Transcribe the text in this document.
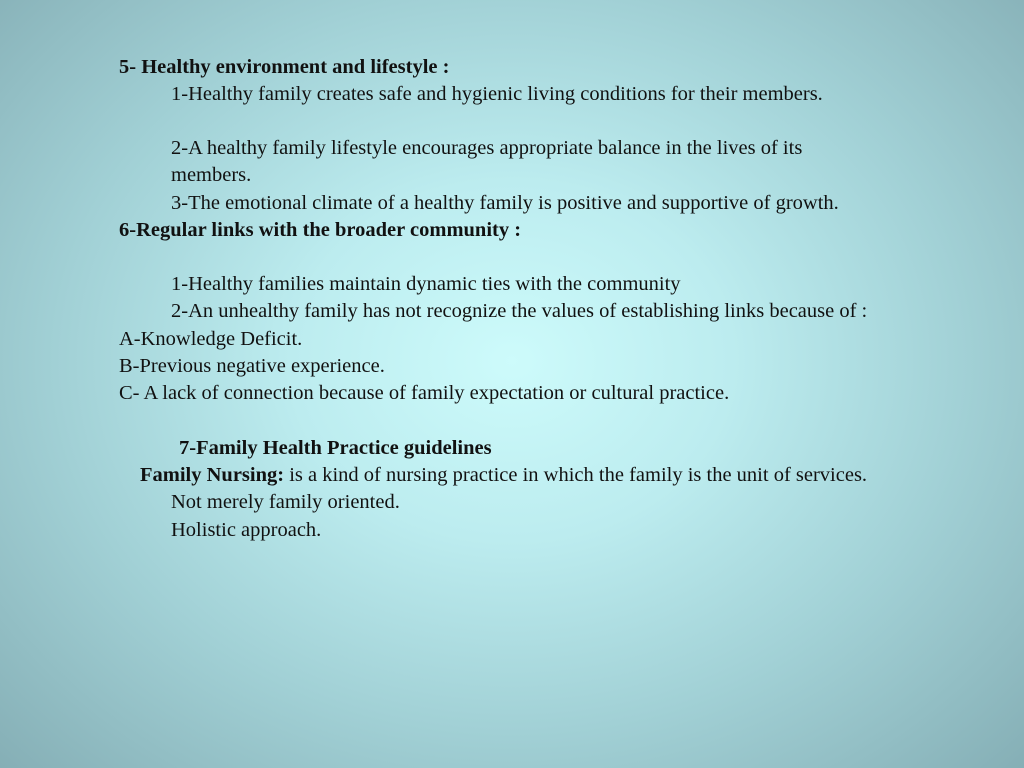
5- Healthy environment and lifestyle :
1-Healthy family creates safe and hygienic living conditions for their members.
2-A healthy family lifestyle encourages appropriate balance in the lives of its
members.
3-The emotional climate of a healthy family is positive and supportive of growth.
6-Regular links with the broader community :
1-Healthy families maintain dynamic ties with the community
2-An unhealthy family has not recognize the values of establishing links because of :
A-Knowledge Deficit.
B-Previous negative experience.
C- A lack of connection because of family expectation or cultural practice.
7-Family Health Practice guidelines
Family Nursing: is a kind of nursing practice in which the family is the unit of services.
Not merely family oriented.
Holistic approach.
